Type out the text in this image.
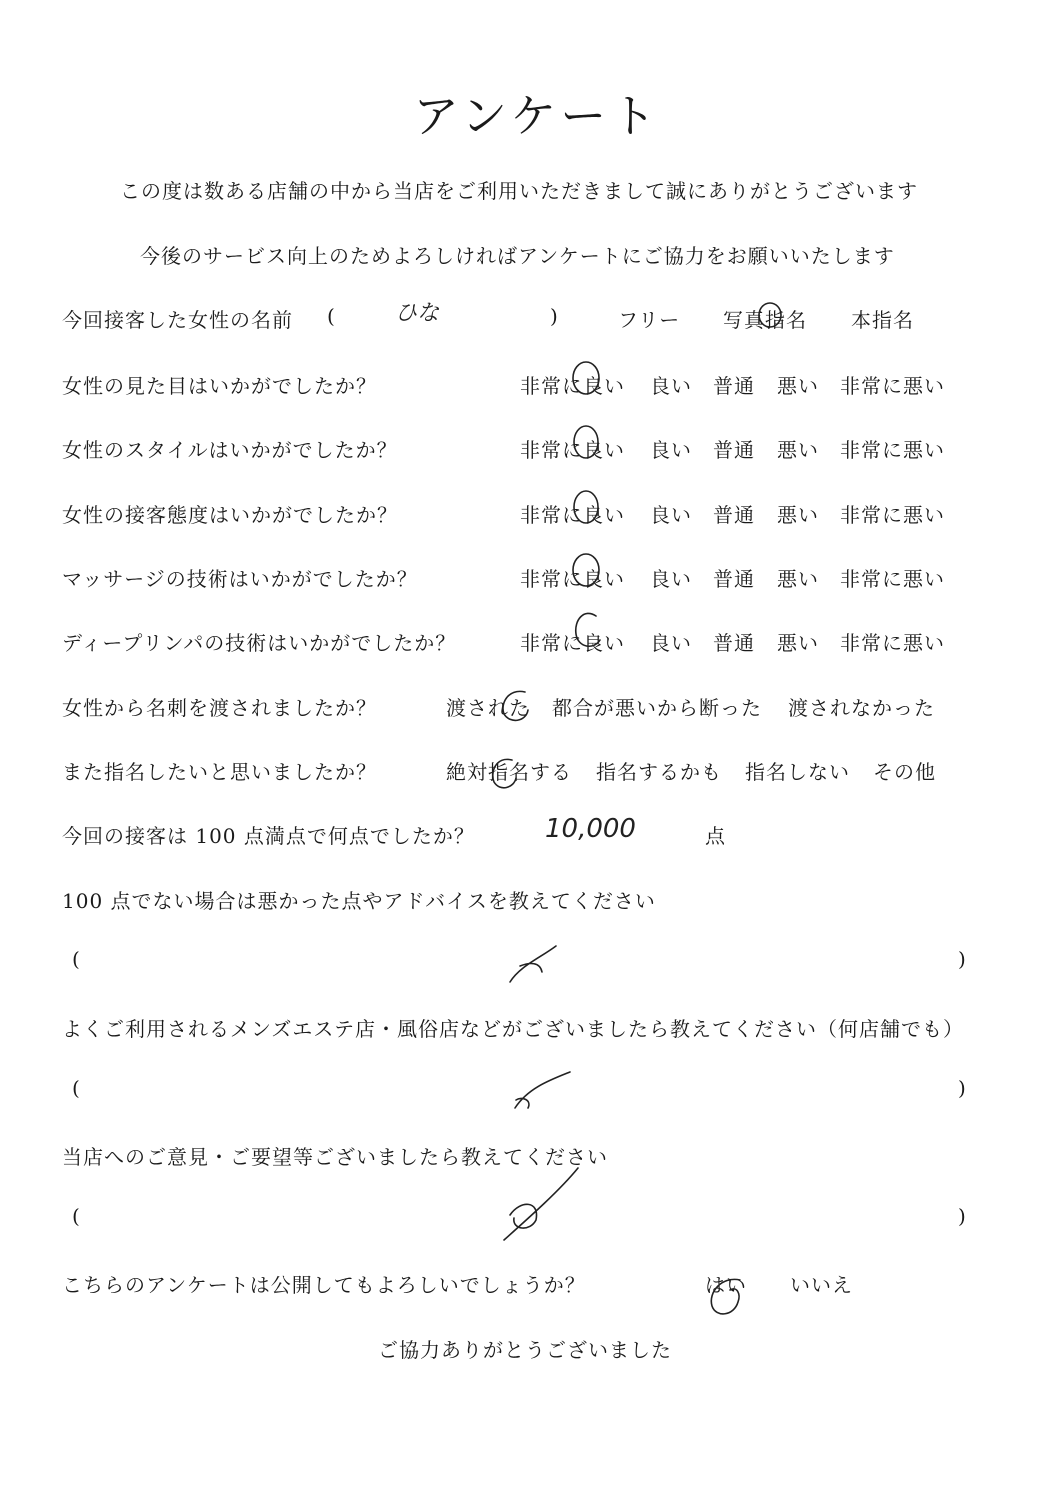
アンケート
この度は数ある店舗の中から当店をご利用いただきまして誠にありがとうございます
今後のサービス向上のためよろしければアンケートにご協力をお願いいたします
今回接客した女性の名前 (	ひな	)	フリー 写真指名 本指名
女性の見た目はいかがでしたか？	非常に良い 良い 普通 悪い 非常に悪い
女性のスタイルはいかがでしたか？	非常に良い 良い 普通 悪い 非常に悪い
女性の接客態度はいかがでしたか？	非常に良い 良い 普通 悪い 非常に悪い
マッサージの技術はいかがでしたか？	非常に良い 良い 普通 悪い 非常に悪い
ディープリンパの技術はいかがでしたか？	非常に良い 良い 普通 悪い 非常に悪い
女性から名刺を渡されましたか？	渡された 都合が悪いから断った 渡されなかった
また指名したいと思いましたか？	絶対指名する 指名するかも 指名しない その他
今回の接客は 100 点満点で何点でしたか？	10,000	点
100 点でない場合は悪かった点やアドバイスを教えてください
(	)
よくご利用されるメンズエステ店・風俗店などがございましたら教えてください（何店舗でも）
(	)
当店へのご意見・ご要望等ございましたら教えてください
(	)
こちらのアンケートは公開してもよろしいでしょうか？	はい いいえ
ご協力ありがとうございました
